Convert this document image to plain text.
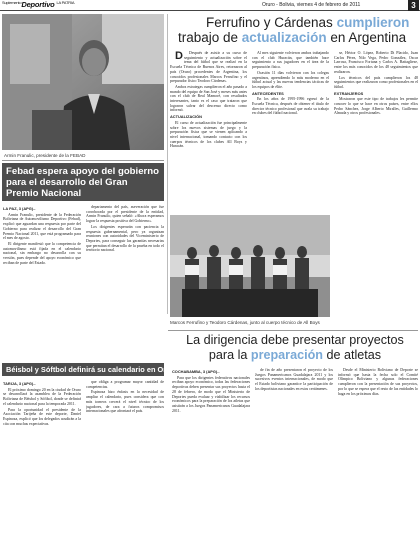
$^{Suplemento}$Deportivo $^{LA PATRIA}$	Oruro - Bolivia, viernes 4 de febrero de 2011	3
Armin Franulic, presidente de la FEBAD
Febad espera apoyo del gobierno para el desarrollo del Gran Premio Nacional

LA PAZ, 3 (APG).-

Armin Franulic, presidente de la Federación Boliviana de Automovilismo Deportivo (Febad), explicó que aguardan una respuesta por parte del Gobierno para realizar el desarrollo del Gran Premio Nacional 2011, que está programado para el mes de agosto.

El dirigente manifestó que la competencia de automovilismo está fijada en el calendario nacional, sin embargo no desarrolla con su versión, pues depende del apoyo económico que reciban de parte del Estado.

departamento del país, aseveración que fue corroborada por el presidente de la entidad, Armin Franulic, quien señaló: «Ahora esperamos lograr la respuesta positiva del Gobierno».

Los dirigentes esperarán con paciencia la respuesta gubernamental, pero ya organizan reuniones con autoridades del Viceministerio de Deportes, para conseguir las garantías necesarias que permitan el desarrollo de la prueba en todo el territorio nacional.

Béisbol y Sóftbol definirá su calendario en Oruro

TARIJA, 3 (APG).-

El próximo domingo 20 en la ciudad de Oruro se desarrollará la asamblea de la Federación Boliviana de Béisbol y Sóftbol, donde se definirá el calendario nacional para la temporada 2011.

Para la oportunidad el presidente de la Asociación Tarijeña de este deporte, Daniel Espinoza, explicó que los delegados acudirán a la cita con muchas expectativas.

que obliga a programar mayor cantidad de competencias.

Espinoza hizo énfasis en la necesidad de ampliar el calendario, pues considera que con más torneos crecerá el nivel técnico de los jugadores, de cara a futuros compromisos internacionales que afrontará el país.

Ferrufino y Cárdenas cumplieron
trabajo de actualización en Argentina

D Después de asistir a su curso de seguimiento y actualización sobre el tema del fútbol que se realizó en la Escuela Técnica de Buenos Aires, retornaron al país (Oruro) procedentes de Argentina, los conocidos profesionales Marcos Ferrufino y el preparador físico Teodoro Cárdenas.

Ambos estrategas cumplieron el año pasado a mando del equipo de San José y meses más antes con el club de Real Mamoré, con resultados interesantes, tanto es el caso que trataron que lograron salvar del descenso directo como informó.

ACTUALIZACIÓN

El curso de actualización fue principalmente sobre los nuevos sistemas de juego y la preparación física que se vienen aplicando a nivel internacional, tomando contacto con los cuerpos técnicos de los clubes All Boys y Huracán.

Al mes siguiente volvieron ambos trabajando con el club Huracán, que también hace seguimiento a sus jugadores en el área de la preparación física.

Ocasión 11 días volvieron con los colegas argentinos, aprendiendo lo más moderno en el fútbol actual y las nuevas tendencias tácticas de los equipos de élite.

ANTECEDENTES

En los años de 1995-1996 egresó de la Escuela Técnica, después de obtener el título de director técnico profesional que avala su trabajo en clubes del fútbol nacional.

se, Héctor O. López, Roberto Di Placido, Juan Carlos Pérez, Nilo Vega, Pedro González, Oscar Larrosa, Francisco Fortuna y Carlos A. Battagliese, entre los más conocidos de los 48 seguimientos que realizaron.

Los técnicos del país cumplieron los 48 seguimientos que realizaron como profesionales en el fútbol.

EXTRANJEROS

Mostraron que este tipo de trabajos les permite conocer lo que se hace en otros países, entre ellos Pedro Sánchez, Jorge Alberto Miralles, Guillermo Almada y otros profesionales.

Marcos Ferrufino y Teodoro Cárdenas, junto al cuerpo técnico de All Boys
La dirigencia debe presentar proyectos
para la preparación de atletas

COCHABAMBA, 3 (APG).-

Para que los dirigentes federativos nacionales reciban apoyo económico, todas las federaciones deportivas deben presentar sus proyectos hasta el 28 de febrero, de modo que el Ministerio de Deportes pueda evaluar y viabilizar los recursos económicos para la preparación de los atletas que asistirán a los Juegos Panamericanos Guadalajara 2011.

de fin de año presentaron el proyecto de los Juegos Panamericanos Guadalajara 2011 y los sucesivos eventos internacionales, de modo que el Estado boliviano garantice la participación de los deportistas nacionales en estos certámenes.

Desde el Ministerio Boliviano de Deporte se informó que hasta la fecha solo el Comité Olímpico Boliviano y algunas federaciones cumplieron con la presentación de sus proyectos, por lo que se espera que el resto de las entidades lo haga en los próximos días.
